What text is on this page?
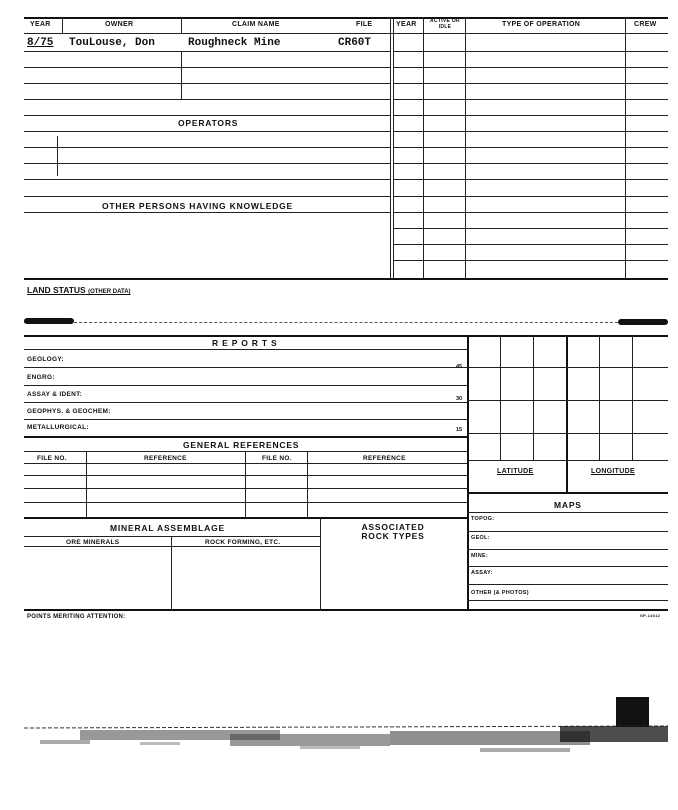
YEAR	OWNER	CLAIM NAME	FILE	YEAR	ACTIVE OR IDLE	TYPE OF OPERATION	CREW
8/75 TouLouse, Don	Roughneck Mine	CR60T
OPERATORS
OTHER PERSONS HAVING KNOWLEDGE
LAND STATUS (OTHER DATA)
R E P O R T S
GEOLOGY:
ENGRG:
ASSAY & IDENT:
GEOPHYS. & GEOCHEM:
METALLURGICAL:
45
30
15
GENERAL REFERENCES
FILE NO.	REFERENCE	FILE NO.	REFERENCE
MINERAL ASSEMBLAGE	ASSOCIATED ROCK TYPES
ORE MINERALS	ROCK FORMING, ETC.
LATITUDE	LONGITUDE
MAPS
TOPOG:
GEOL:
MINE:
ASSAY:
OTHER (& PHOTOS)
POINTS MERITING ATTENTION:	SP-14012
